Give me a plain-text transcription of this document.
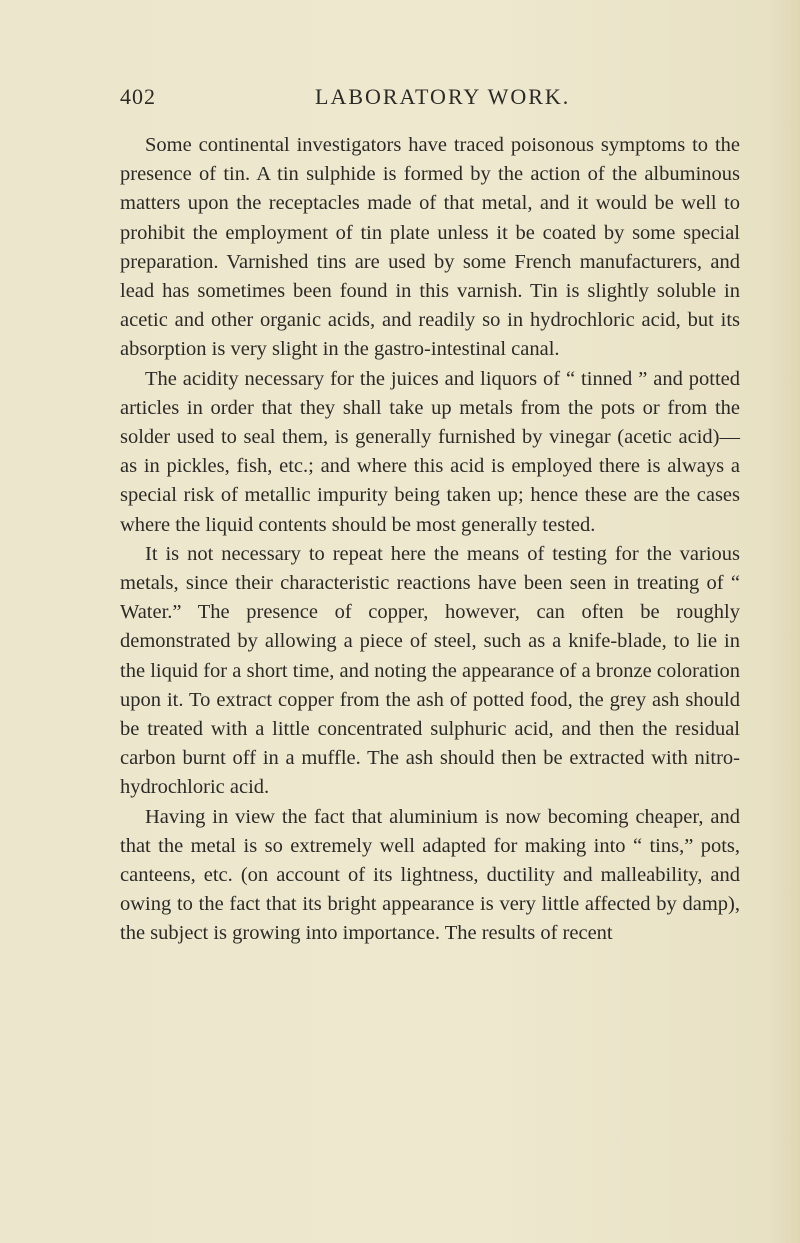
402	LABORATORY WORK.

Some continental investigators have traced poisonous symptoms to the presence of tin. A tin sulphide is formed by the action of the albuminous matters upon the receptacles made of that metal, and it would be well to prohibit the employment of tin plate unless it be coated by some special preparation. Varnished tins are used by some French manufacturers, and lead has sometimes been found in this varnish. Tin is slightly soluble in acetic and other organic acids, and readily so in hydrochloric acid, but its absorption is very slight in the gastro-intestinal canal.

The acidity necessary for the juices and liquors of “ tinned ” and potted articles in order that they shall take up metals from the pots or from the solder used to seal them, is generally furnished by vinegar (acetic acid)—as in pickles, fish, etc.; and where this acid is employed there is always a special risk of metallic impurity being taken up; hence these are the cases where the liquid contents should be most generally tested.

It is not necessary to repeat here the means of testing for the various metals, since their characteristic reactions have been seen in treating of “ Water.” The presence of copper, however, can often be roughly demonstrated by allowing a piece of steel, such as a knife-blade, to lie in the liquid for a short time, and noting the appearance of a bronze coloration upon it. To extract copper from the ash of potted food, the grey ash should be treated with a little concentrated sulphuric acid, and then the residual carbon burnt off in a muffle. The ash should then be extracted with nitro-hydrochloric acid.

Having in view the fact that aluminium is now becoming cheaper, and that the metal is so extremely well adapted for making into “ tins,” pots, canteens, etc. (on account of its lightness, ductility and malleability, and owing to the fact that its bright appearance is very little affected by damp), the subject is growing into importance. The results of recent
